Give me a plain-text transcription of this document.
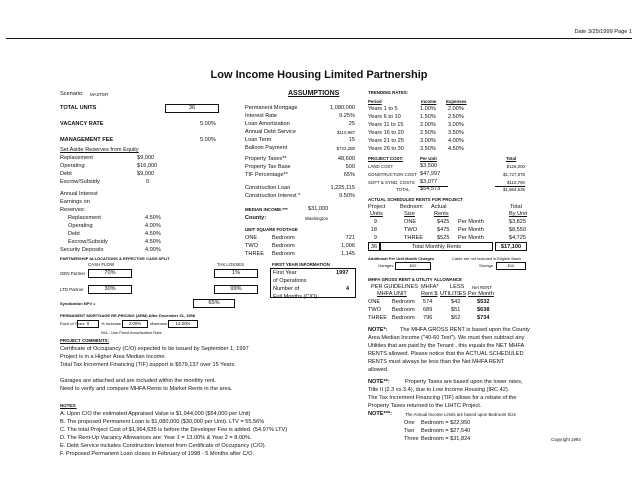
Date 3/25/1999 Page 1
Low Income Housing Limited Partnership
Scenario: MASTER	ASSUMPTIONS
TOTAL UNITS	36
VACANCY RATE	5.00%
MANAGEMENT FEE	5.00%
Set Aside Reserves from Equity
Replacement	$9,000
Operating	$16,000
Debt	$9,000
Escrow/Subsidy	0
Annual Interest
Earnings on
Reserves:
Replacement	4.50%
Operating	4.00%
Debt	4.50%
Escrow/Subsidy	4.50%
Security Deposits	4.00%
Permanent Mortgage	1,080,000
Interest Rate	9.25%
Loan Amortization	25
Annual Debt Service	$110,987
Loan Term	15
Balloon Payment	$722,288
Property Taxes**	48,600
Property Tax Base	500
TIF Percentage**	65%
Construction Loan	1,225,115
Construction Interest *	9.50%
MEDIAN INCOME:***	$31,000
County:	Washington
UNIT SQUARE FOOTAGE
ONE	Bedroom	721
TWO Bedroom	1,006
THREE Bedroom	1,145
TRENDING RATES:
Period	Income Expenses
Years 1 to 5	1.00% 2.00%
Years 6 to 10	1.50% 2.50%
Years 11 to 15	2.00% 3.00%
Years 16 to 20	2.50% 3.50%
Years 21 to 25	3.00% 4.00%
Years 26 to 30	3.50% 4.50%
PROJECT COST:	Per Unit	Total
LAND COST	$3,500	$126,000
CONSTRUCTION COST $47,997	$1,727,875
SOFT & SYND. COSTS $3,077	$110,760
TOTAL $54,573	$1,964,635
ACTUAL SCHEDULED RENTS FOR PROJECT
Project	Bedroom Actual	Total
Units	Size	Rents	By Unit
9	ONE	$425 Per Month	$3,825
18	TWO	$475 Per Month	$8,550
9	THREE	$525 Per Month	$4,725
36	Total Monthly Rents	$17,100
Additional Per Unit Month Charges	Cable are not included in Eligible Basis
Garages	$20	Storage	$10
MHFA GROSS RENT & UTILITY ALLOWANCE
PER GUIDELINES MHFA* LESS Net RENT
MHFA UNIT	Rent $ UTILITIES Per Month
ONE Bedroom 574	$42	$532
TWO Bedroom 689	$51	$638
THREE Bedroom 796	$62	$734
NOTE*: The MHFA GROSS RENT is based upon the County
Area Median Income ("40-60 Test"). We must then subtract any
Utilities that are paid by the Tenant , this equals the NET MHFA
RENTS allowed. Please notice that the ACTUAL SCHEDULED
RENTS must always be less than the Net MHFA RENT
allowed.
NOTE**:	Property Taxes are based upon the lower rates,
Title II (2.3 vs 3.4), due to Low Income Housing (IRC 42).
The Tax Increment Financing (TIF) allows for a rebate of the
Property Taxes returned to the LIHTC Project.
NOTE***:	The Annual Income Limits are based upon Bedroom Size
One Bedroom = $22,950
Two Bedroom = $27,540
Three Bedroom = $31,824	Copyright 1994
PARTNERSHIP ALLOCATIONS & EFFECTIVE CASH SPLIT
CASH FLOW	TAX LOSSES
GEN Partner	70%	1%
LTD Partner	30%	99%
Syndication NPV =	65%
FIRST YEAR INFORMATION
First Year	1997
of Operations
Number of	4
Full Months (C/O)
PERMANENT MORTGAGE RE-PRICING (ARM) After December 31, 1998
Each of Years 0	% Increase	2.00%	Maximum	14.00%
N/A - Use Fixed Amortization Rate
PROJECT COMMENTS:
Certificate of Occupancy (C/O) expected to be issued by September 1, 1997
Project is in a Higher Area Median Income.
Total Tax Increment Financing (TIF) support is $579,137 over 15 Years.
Garages are attached and are included within the monthly rent.
Need to verify and compare MHFA Rents to Market Rents in the area.
NOTES:
A. Upon C/O the estimated Appraised Value is $1,944,000 ($54,000 per Unit)
B. The proposed Permanent Loan is $1,080,000 ($30,000 per Unit). LTV = 55.56%
C. The total Project Cost of $1,964,635 is before the Developer Fee is added. (54.97% LTV)
D. The Rent-Up Vacancy Allowances are: Year 1 = 13.00% & Year 2 = 8.00%.
E. Debt Service includes Construction Interest from Certificate of Occupancy (C/O).
F. Proposed Permanent Loan closes in February of 1998 - 5 Months after C/O.
